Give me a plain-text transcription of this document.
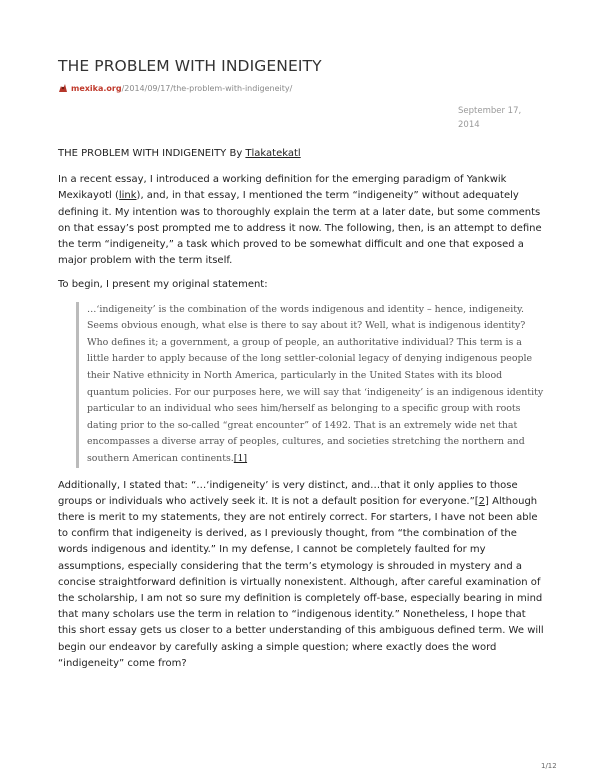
THE PROBLEM WITH INDIGENEITY
mexika.org/2014/09/17/the-problem-with-indigeneity/
September 17,
2014

THE PROBLEM WITH INDIGENEITY By Tlakatekatl

In a recent essay, I introduced a working definition for the emerging paradigm of Yankwik Mexikayotl (link), and, in that essay, I mentioned the term “indigeneity” without adequately defining it. My intention was to thoroughly explain the term at a later date, but some comments on that essay’s post prompted me to address it now. The following, then, is an attempt to define the term “indigeneity,” a task which proved to be somewhat difficult and one that exposed a major problem with the term itself.

To begin, I present my original statement:

…‘indigeneity’ is the combination of the words indigenous and identity – hence, indigeneity. Seems obvious enough, what else is there to say about it? Well, what is indigenous identity? Who defines it; a government, a group of people, an authoritative individual? This term is a little harder to apply because of the long settler-colonial legacy of denying indigenous people their Native ethnicity in North America, particularly in the United States with its blood quantum policies. For our purposes here, we will say that ‘indigeneity’ is an indigenous identity particular to an individual who sees him/herself as belonging to a specific group with roots dating prior to the so-called “great encounter” of 1492. That is an extremely wide net that encompasses a diverse array of peoples, cultures, and societies stretching the northern and southern American continents.[1]

Additionally, I stated that: “…‘indigeneity’ is very distinct, and…that it only applies to those groups or individuals who actively seek it. It is not a default position for everyone.”[2] Although there is merit to my statements, they are not entirely correct. For starters, I have not been able to confirm that indigeneity is derived, as I previously thought, from “the combination of the words indigenous and identity.” In my defense, I cannot be completely faulted for my assumptions, especially considering that the term’s etymology is shrouded in mystery and a concise straightforward definition is virtually nonexistent. Although, after careful examination of the scholarship, I am not so sure my definition is completely off-base, especially bearing in mind that many scholars use the term in relation to “indigenous identity.” Nonetheless, I hope that this short essay gets us closer to a better understanding of this ambiguous defined term. We will begin our endeavor by carefully asking a simple question; where exactly does the word “indigeneity” come from?

1/12
